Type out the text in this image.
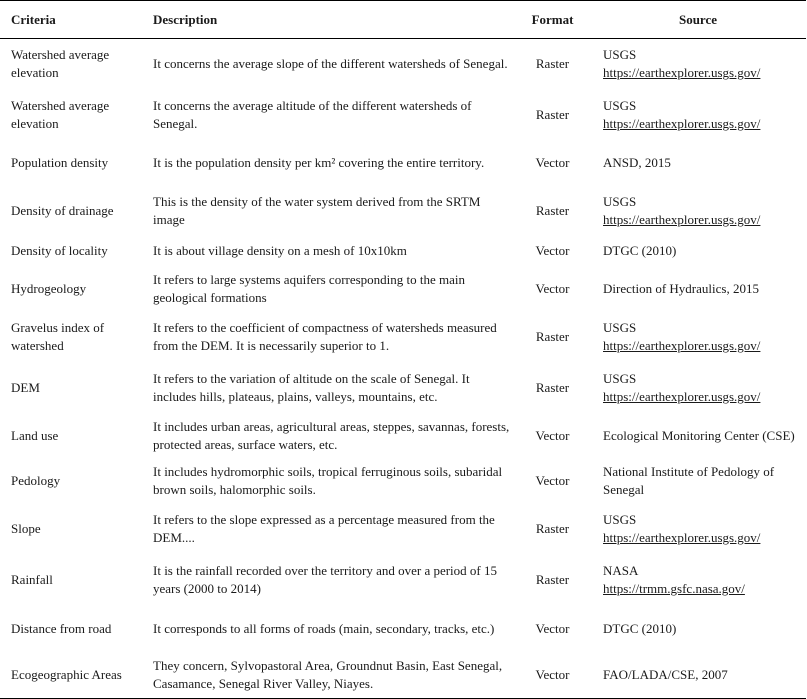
Criteria	Description	Format	Source
Watershed average elevation	It concerns the average slope of the different watersheds of Senegal.	Raster	USGS
https://earthexplorer.usgs.gov/

Watershed average elevation	It concerns the average altitude of the different watersheds of Senegal.	Raster	USGS
https://earthexplorer.usgs.gov/

Population density	It is the population density per km² covering the entire territory.	Vector	ANSD, 2015

Density of drainage	This is the density of the water system derived from the SRTM image	Raster	USGS
https://earthexplorer.usgs.gov/

Density of locality	It is about village density on a mesh of 10x10km	Vector	DTGC (2010)

Hydrogeology	It refers to large systems aquifers corresponding to the main geological formations	Vector	Direction of Hydraulics, 2015

Gravelus index of watershed	It refers to the coefficient of compactness of watersheds measured from the DEM. It is necessarily superior to 1.	Raster	USGS
https://earthexplorer.usgs.gov/

DEM	It refers to the variation of altitude on the scale of Senegal. It includes hills, plateaus, plains, valleys, mountains, etc.	Raster	USGS
https://earthexplorer.usgs.gov/

Land use	It includes urban areas, agricultural areas, steppes, savannas, forests, protected areas, surface waters, etc.	Vector	Ecological Monitoring Center (CSE)

Pedology	It includes hydromorphic soils, tropical ferruginous soils, subaridal brown soils, halomorphic soils.	Vector	National Institute of Pedology of Senegal

Slope	It refers to the slope expressed as a percentage measured from the DEM....	Raster	USGS
https://earthexplorer.usgs.gov/

Rainfall	It is the rainfall recorded over the territory and over a period of 15 years (2000 to 2014)	Raster	NASA
https://trmm.gsfc.nasa.gov/

Distance from road	It corresponds to all forms of roads (main, secondary, tracks, etc.)	Vector	DTGC (2010)

Ecogeographic Areas	They concern, Sylvopastoral Area, Groundnut Basin, East Senegal, Casamance, Senegal River Valley, Niayes.	Vector	FAO/LADA/CSE, 2007
